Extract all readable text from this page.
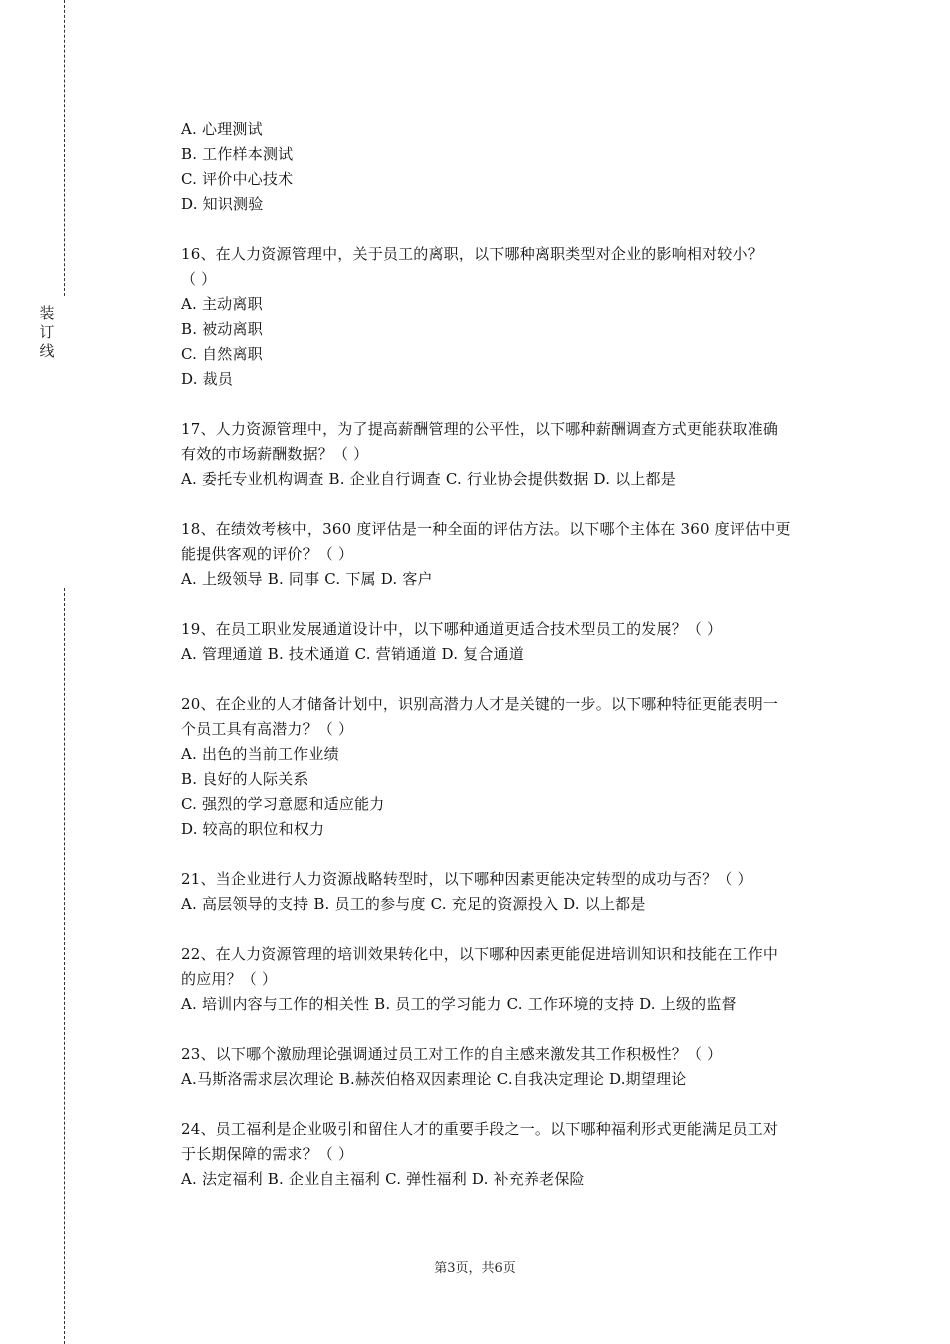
装
订
线
A. 心理测试
B. 工作样本测试
C. 评价中心技术
D. 知识测验
16、在人力资源管理中，关于员工的离职，以下哪种离职类型对企业的影响相对较小？
（ ）
A. 主动离职
B. 被动离职
C. 自然离职
D. 裁员
17、人力资源管理中，为了提高薪酬管理的公平性，以下哪种薪酬调查方式更能获取准确
有效的市场薪酬数据？（ ）
A. 委托专业机构调查 B. 企业自行调查 C. 行业协会提供数据 D. 以上都是
18、在绩效考核中，360 度评估是一种全面的评估方法。以下哪个主体在 360 度评估中更
能提供客观的评价？（ ）
A. 上级领导 B. 同事 C. 下属 D. 客户
19、在员工职业发展通道设计中，以下哪种通道更适合技术型员工的发展？（ ）
A. 管理通道 B. 技术通道 C. 营销通道 D. 复合通道
20、在企业的人才储备计划中，识别高潜力人才是关键的一步。以下哪种特征更能表明一
个员工具有高潜力？（ ）
A. 出色的当前工作业绩
B. 良好的人际关系
C. 强烈的学习意愿和适应能力
D. 较高的职位和权力
21、当企业进行人力资源战略转型时，以下哪种因素更能决定转型的成功与否？（ ）
A. 高层领导的支持 B. 员工的参与度 C. 充足的资源投入 D. 以上都是
22、在人力资源管理的培训效果转化中，以下哪种因素更能促进培训知识和技能在工作中
的应用？（ ）
A. 培训内容与工作的相关性 B. 员工的学习能力 C. 工作环境的支持 D. 上级的监督
23、以下哪个激励理论强调通过员工对工作的自主感来激发其工作积极性？（ ）
A.马斯洛需求层次理论 B.赫茨伯格双因素理论 C.自我决定理论 D.期望理论
24、员工福利是企业吸引和留住人才的重要手段之一。以下哪种福利形式更能满足员工对
于长期保障的需求？（ ）
A. 法定福利 B. 企业自主福利 C. 弹性福利 D. 补充养老保险
第3页，共6页
